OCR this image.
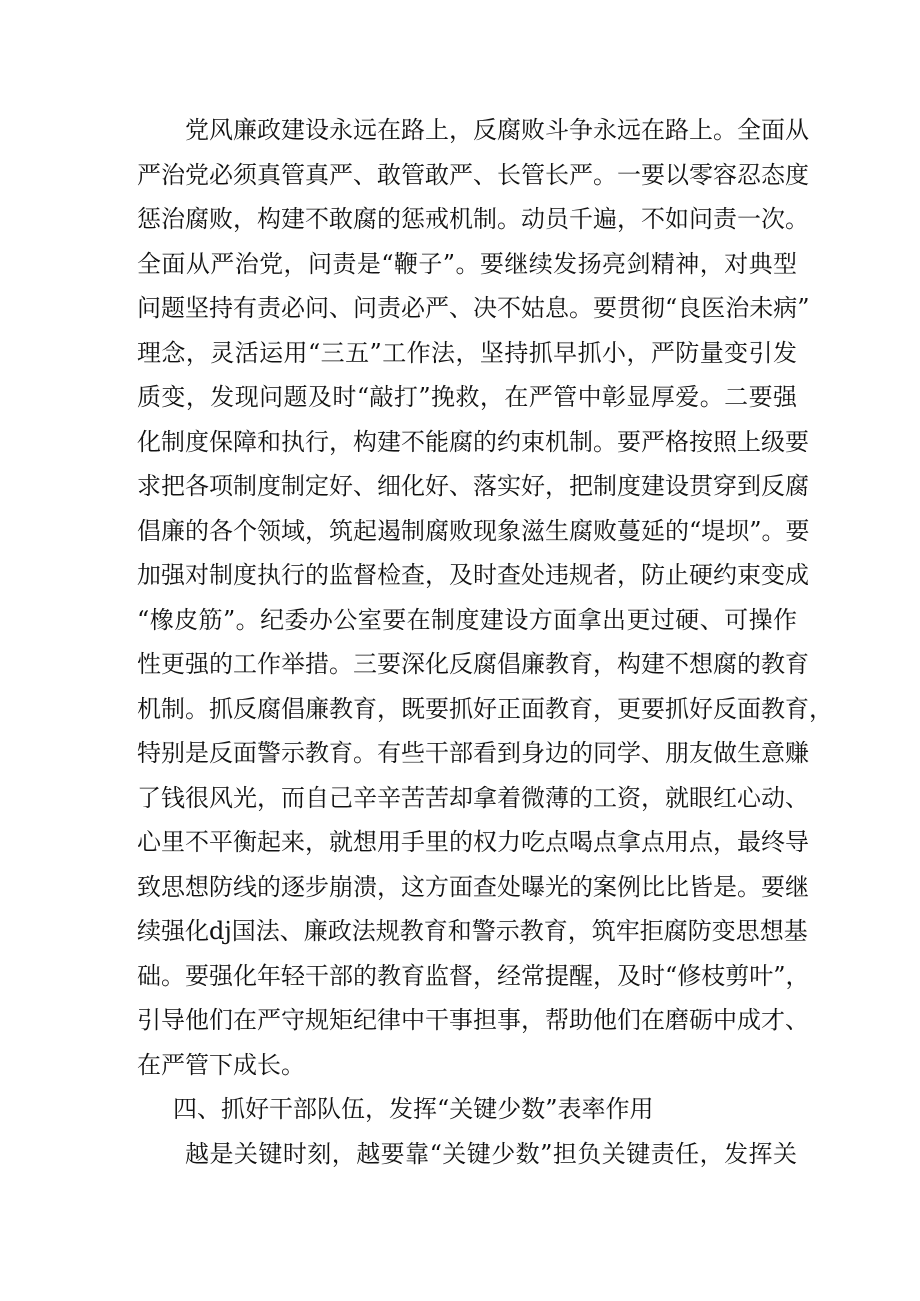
党风廉政建设永远在路上，反腐败斗争永远在路上。全面从
严治党必须真管真严、敢管敢严、长管长严。一要以零容忍态度
惩治腐败，构建不敢腐的惩戒机制。动员千遍，不如问责一次。
全面从严治党，问责是“鞭子”。要继续发扬亮剑精神，对典型
问题坚持有责必问、问责必严、决不姑息。要贯彻“良医治未病”
理念，灵活运用“三五”工作法，坚持抓早抓小，严防量变引发
质变，发现问题及时“敲打”挽救，在严管中彰显厚爱。二要强
化制度保障和执行，构建不能腐的约束机制。要严格按照上级要
求把各项制度制定好、细化好、落实好，把制度建设贯穿到反腐
倡廉的各个领域，筑起遏制腐败现象滋生腐败蔓延的“堤坝”。要
加强对制度执行的监督检查，及时查处违规者，防止硬约束变成
“橡皮筋”。纪委办公室要在制度建设方面拿出更过硬、可操作
性更强的工作举措。三要深化反腐倡廉教育，构建不想腐的教育
机制。抓反腐倡廉教育，既要抓好正面教育，更要抓好反面教育，
特别是反面警示教育。有些干部看到身边的同学、朋友做生意赚
了钱很风光，而自己辛辛苦苦却拿着微薄的工资，就眼红心动、
心里不平衡起来，就想用手里的权力吃点喝点拿点用点，最终导
致思想防线的逐步崩溃，这方面查处曝光的案例比比皆是。要继
续强化dj国法、廉政法规教育和警示教育，筑牢拒腐防变思想基
础。要强化年轻干部的教育监督，经常提醒，及时“修枝剪叶”，
引导他们在严守规矩纪律中干事担事，帮助他们在磨砺中成才、
在严管下成长。
四、抓好干部队伍，发挥“关键少数”表率作用
越是关键时刻，越要靠“关键少数”担负关键责任，发挥关
